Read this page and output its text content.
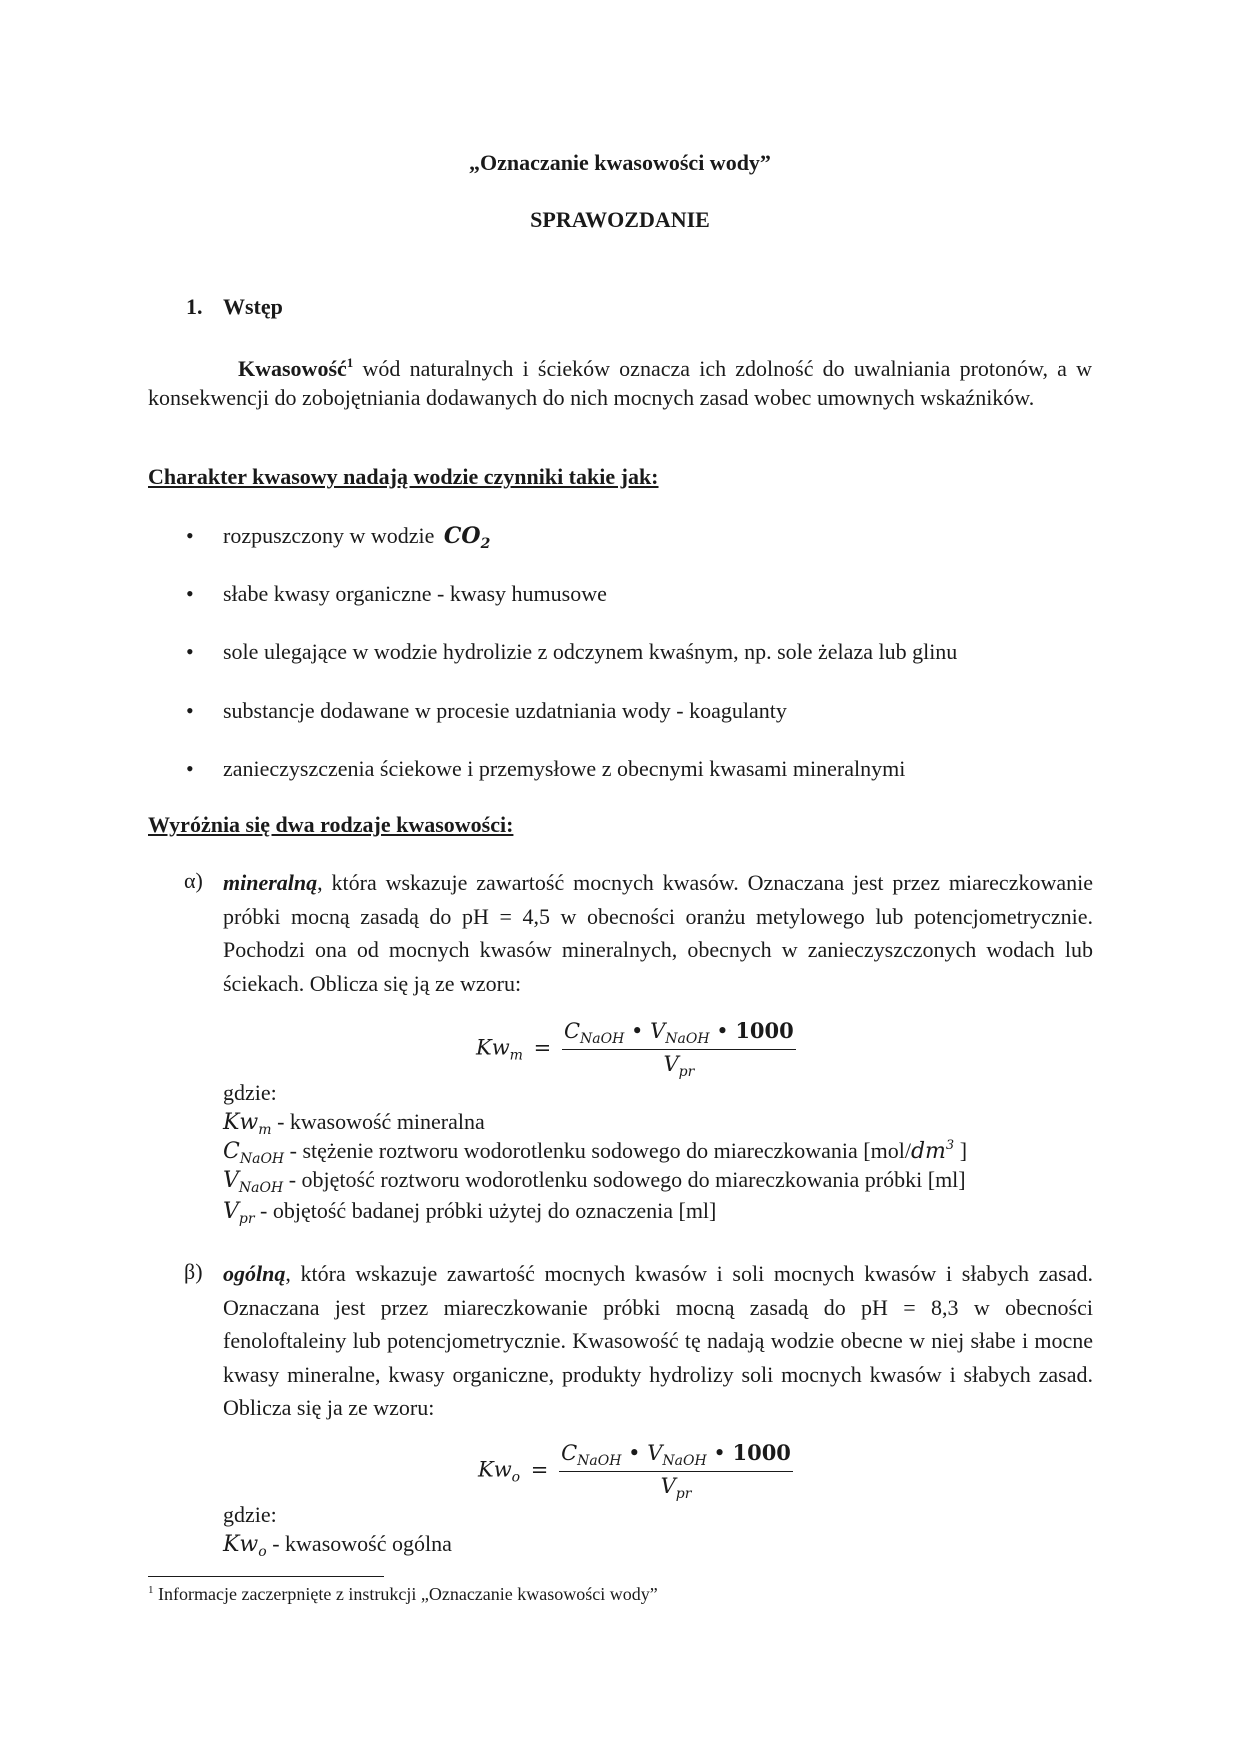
„Oznaczanie kwasowości wody”
SPRAWOZDANIE
1. Wstęp
Kwasowość$^1$ wód naturalnych i ścieków oznacza ich zdolność do uwalniania protonów, a w konsekwencji do zobojętniania dodawanych do nich mocnych zasad wobec umownych wskaźników.
Charakter kwasowy nadają wodzie czynniki takie jak:
• rozpuszczony w wodzie $CO_2$
• słabe kwasy organiczne - kwasy humusowe
• sole ulegające w wodzie hydrolizie z odczynem kwaśnym, np. sole żelaza lub glinu
• substancje dodawane w procesie uzdatniania wody - koagulanty
• zanieczyszczenia ściekowe i przemysłowe z obecnymi kwasami mineralnymi
Wyróżnia się dwa rodzaje kwasowości:
α) mineralną, która wskazuje zawartość mocnych kwasów. Oznaczana jest przez miareczkowanie próbki mocną zasadą do pH = 4,5 w obecności oranżu metylowego lub potencjometrycznie. Pochodzi ona od mocnych kwasów mineralnych, obecnych w zanieczyszczonych wodach lub ściekach. Oblicza się ją ze wzoru:
$Kw_m = \frac{C_{NaOH} • V_{NaOH} • 1000}{V_{pr}}$
gdzie:
$Kw_m$ - kwasowość mineralna
$C_{NaOH}$ - stężenie roztworu wodorotlenku sodowego do miareczkowania [$mol/dm^3$ ]
$V_{NaOH}$ - objętość roztworu wodorotlenku sodowego do miareczkowania próbki [ml]
$V_{pr}$ - objętość badanej próbki użytej do oznaczenia [ml]
β) ogólną, która wskazuje zawartość mocnych kwasów i soli mocnych kwasów i słabych zasad. Oznaczana jest przez miareczkowanie próbki mocną zasadą do pH = 8,3 w obecności fenoloftaleiny lub potencjometrycznie. Kwasowość tę nadają wodzie obecne w niej słabe i mocne kwasy mineralne, kwasy organiczne, produkty hydrolizy soli mocnych kwasów i słabych zasad. Oblicza się ja ze wzoru:
$Kw_o = \frac{C_{NaOH} • V_{NaOH} • 1000}{V_{pr}}$
gdzie:
$Kw_o$ - kwasowość ogólna
$^1$ Informacje zaczerpnięte z instrukcji „Oznaczanie kwasowości wody”
